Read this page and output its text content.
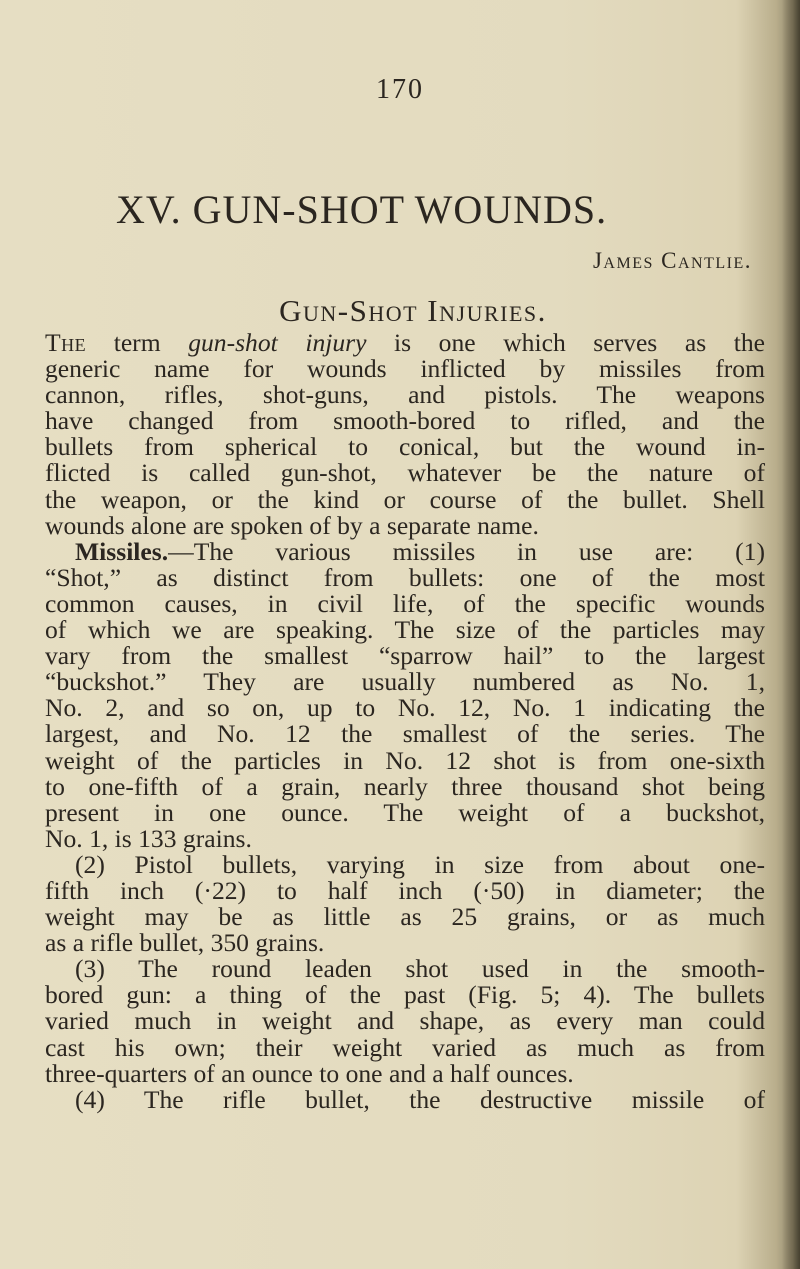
170
XV. GUN-SHOT WOUNDS.
James Cantlie.
Gun-Shot Injuries.
The term gun-shot injury is one which serves as the
generic name for wounds inflicted by missiles from
cannon, rifles, shot-guns, and pistols. The weapons
have changed from smooth-bored to rifled, and the
bullets from spherical to conical, but the wound in-
flicted is called gun-shot, whatever be the nature of
the weapon, or the kind or course of the bullet. Shell
wounds alone are spoken of by a separate name.
Missiles.—The various missiles in use are: (1)
“Shot,” as distinct from bullets: one of the most
common causes, in civil life, of the specific wounds
of which we are speaking. The size of the particles may
vary from the smallest “sparrow hail” to the largest
“buckshot.” They are usually numbered as No. 1,
No. 2, and so on, up to No. 12, No. 1 indicating the
largest, and No. 12 the smallest of the series. The
weight of the particles in No. 12 shot is from one-sixth
to one-fifth of a grain, nearly three thousand shot being
present in one ounce. The weight of a buckshot,
No. 1, is 133 grains.
(2) Pistol bullets, varying in size from about one-
fifth inch (·22) to half inch (·50) in diameter; the
weight may be as little as 25 grains, or as much
as a rifle bullet, 350 grains.
(3) The round leaden shot used in the smooth-
bored gun: a thing of the past (Fig. 5; 4). The bullets
varied much in weight and shape, as every man could
cast his own; their weight varied as much as from
three-quarters of an ounce to one and a half ounces.
(4) The rifle bullet, the destructive missile of
